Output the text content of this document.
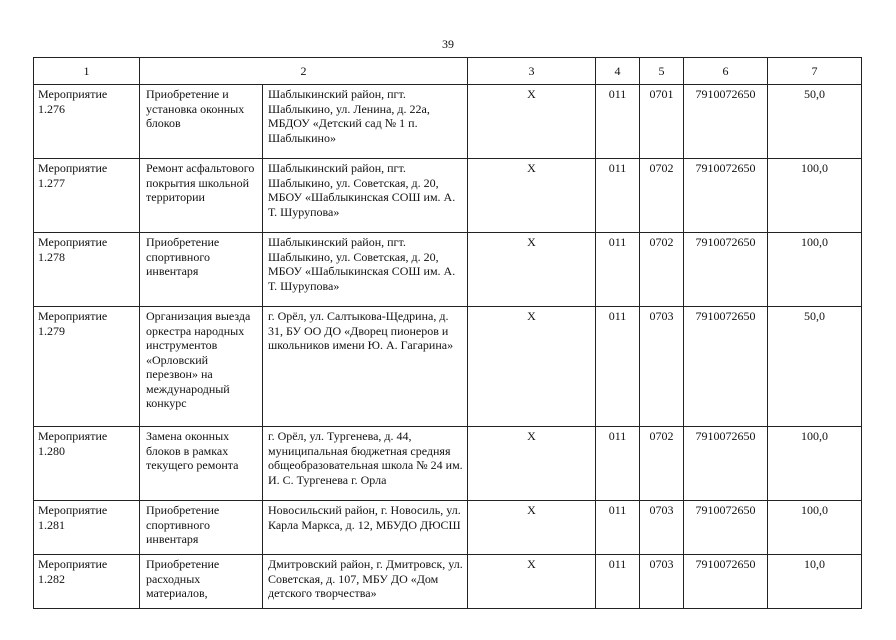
39
1	2		3	4	5	6	7
Мероприятие 1.276	Приобретение и установка оконных блоков	Шаблыкинский район, пгт. Шаблыкино, ул. Ленина, д. 22а, МБДОУ «Детский сад № 1 п. Шаблыкино»	Х	011	0701	7910072650	50,0
Мероприятие 1.277	Ремонт асфальтового покрытия школьной территории	Шаблыкинский район, пгт. Шаблыкино, ул. Советская, д. 20, МБОУ «Шаблыкинская СОШ им. А. Т. Шурупова»	Х	011	0702	7910072650	100,0
Мероприятие 1.278	Приобретение спортивного инвентаря	Шаблыкинский район, пгт. Шаблыкино, ул. Советская, д. 20, МБОУ «Шаблыкинская СОШ им. А. Т. Шурупова»	Х	011	0702	7910072650	100,0
Мероприятие 1.279	Организация выезда оркестра народных инструментов «Орловский перезвон» на международный конкурс	г. Орёл, ул. Салтыкова-Щедрина, д. 31, БУ ОО ДО «Дворец пионеров и школьников имени Ю. А. Гагарина»	Х	011	0703	7910072650	50,0
Мероприятие 1.280	Замена оконных блоков в рамках текущего ремонта	г. Орёл, ул. Тургенева, д. 44, муниципальная бюджетная средняя общеобразовательная школа № 24 им. И. С. Тургенева г. Орла	Х	011	0702	7910072650	100,0
Мероприятие 1.281	Приобретение спортивного инвентаря	Новосильский район, г. Новосиль, ул. Карла Маркса, д. 12, МБУДО ДЮСШ	Х	011	0703	7910072650	100,0
Мероприятие 1.282	Приобретение расходных материалов,	Дмитровский район, г. Дмитровск, ул. Советская, д. 107, МБУ ДО «Дом детского творчества»	Х	011	0703	7910072650	10,0
